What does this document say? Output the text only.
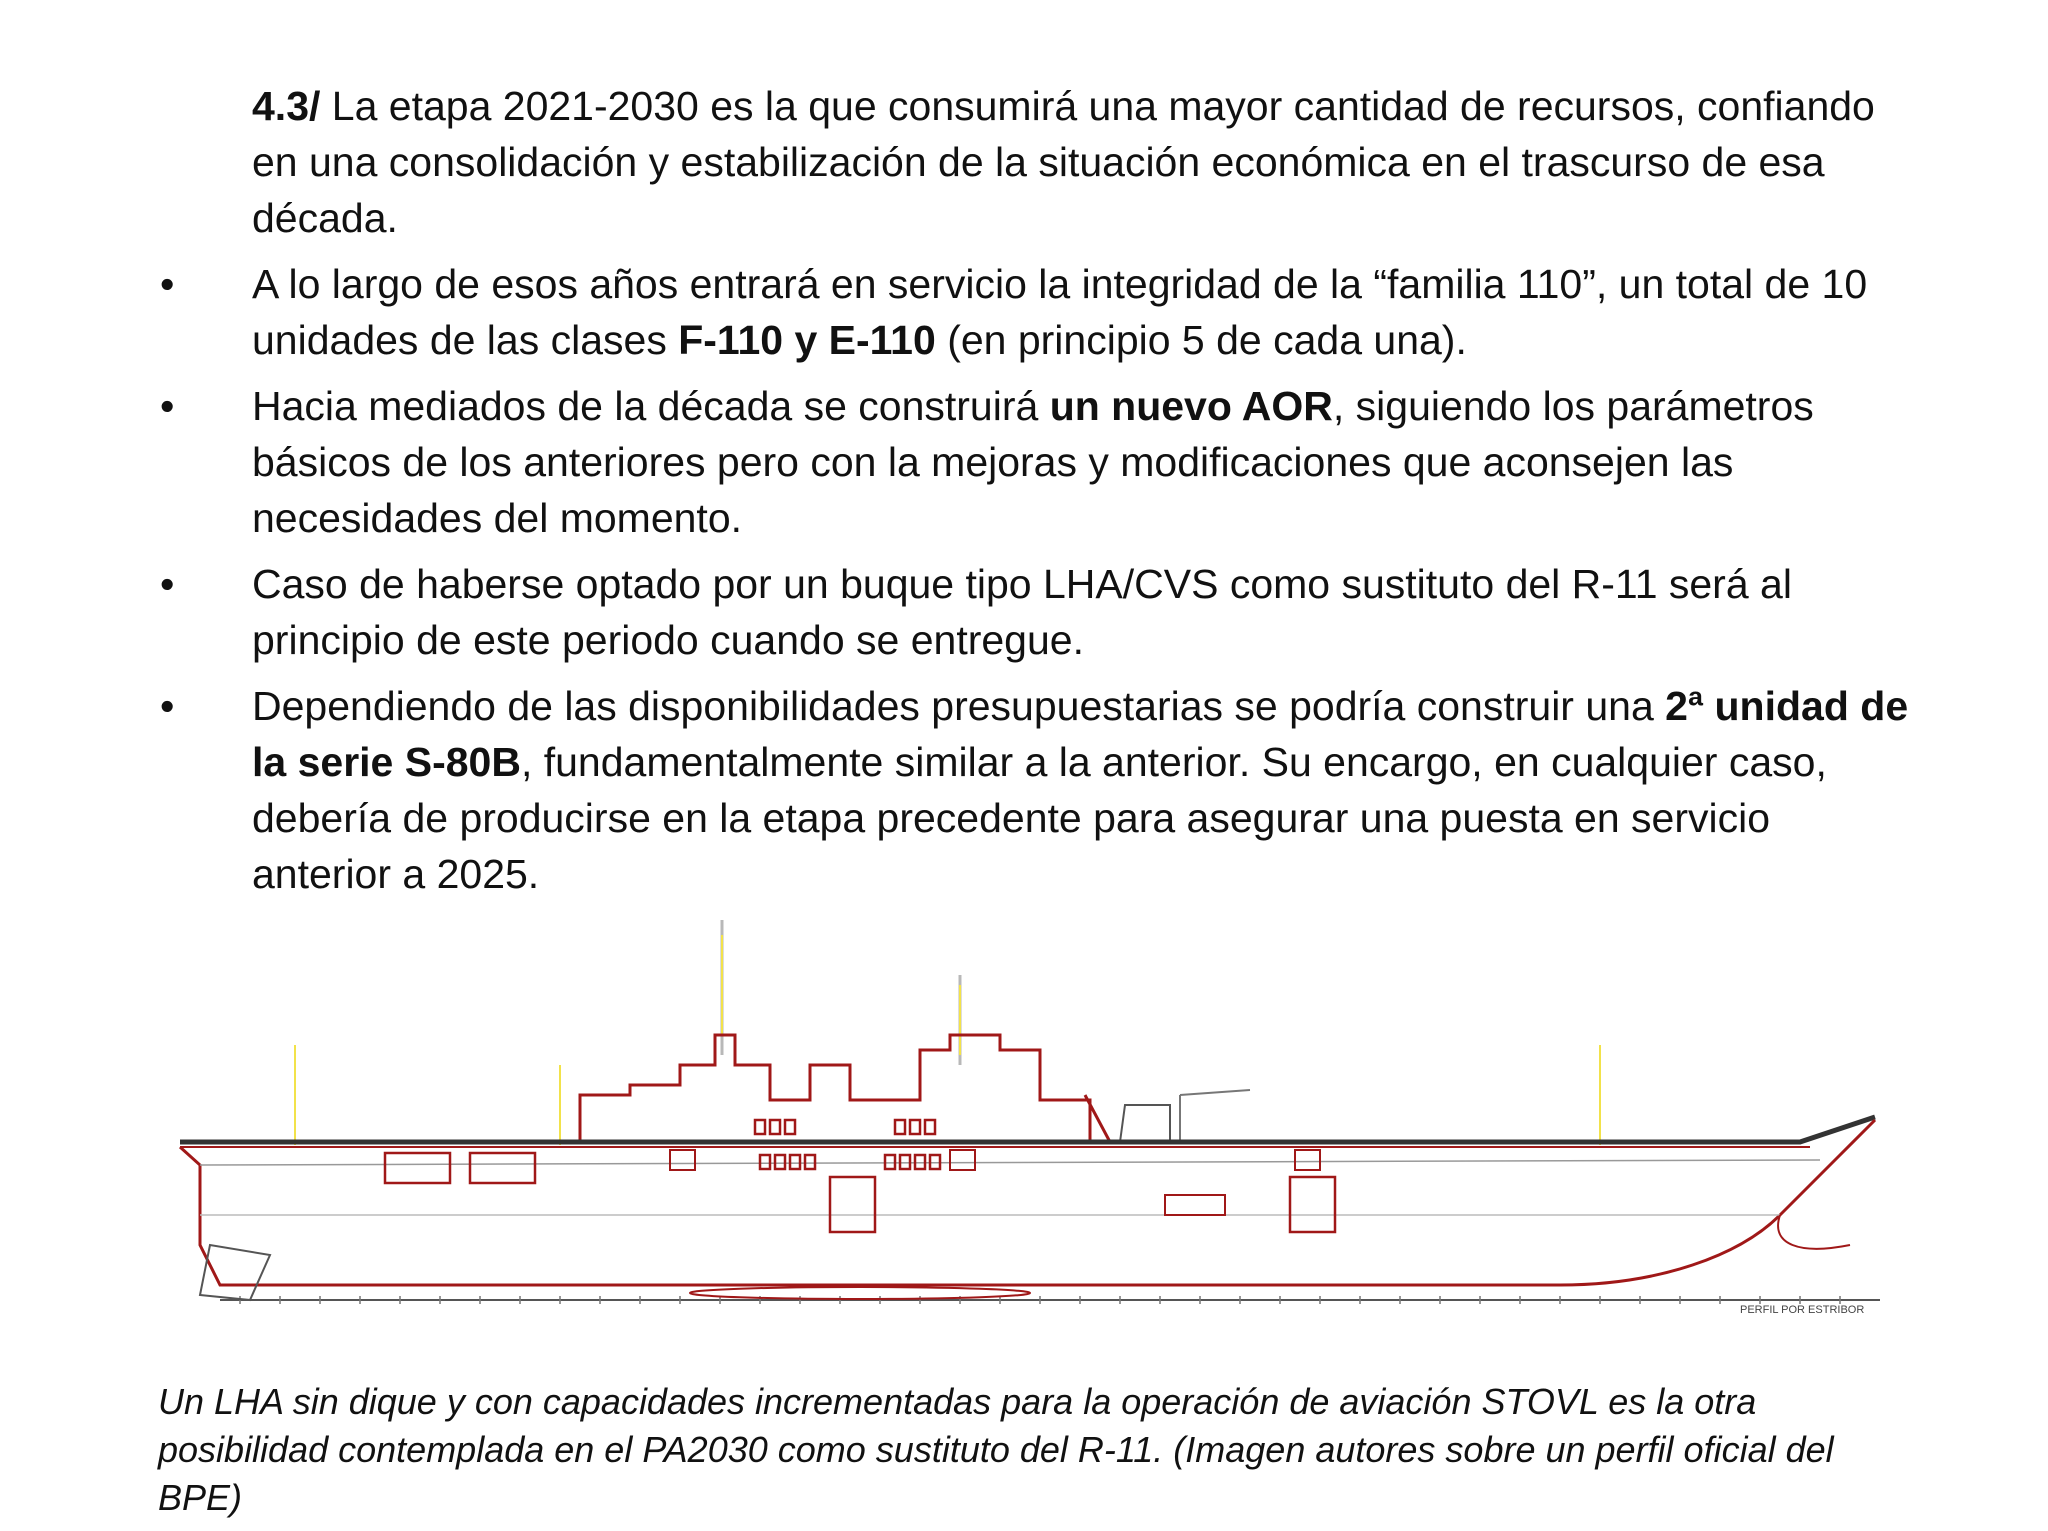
4.3/ La etapa 2021-2030 es la que consumirá una mayor cantidad de recursos, confiando en una consolidación y estabilización de la situación económica en el trascurso de esa década.
•	A lo largo de esos años entrará en servicio la integridad de la “familia 110”, un total de 10 unidades de las clases F-110 y E-110 (en principio 5 de cada una).
•	Hacia mediados de la década se construirá un nuevo AOR, siguiendo los parámetros básicos de los anteriores pero con la mejoras y modificaciones que aconsejen las necesidades del momento.
•	Caso de haberse optado por un buque tipo LHA/CVS como sustituto del R-11 será al principio de este periodo cuando se entregue.
•	Dependiendo de las disponibilidades presupuestarias se podría construir una 2ª unidad de la serie S-80B, fundamentalmente similar a la anterior. Su encargo, en cualquier caso, debería de producirse en la etapa precedente para asegurar una puesta en servicio anterior a 2025.
PERFIL POR ESTRIBOR
Un LHA sin dique y con capacidades incrementadas para la operación de aviación STOVL es la otra posibilidad contemplada en el PA2030 como sustituto del R-11. (Imagen autores sobre un perfil oficial del BPE)
